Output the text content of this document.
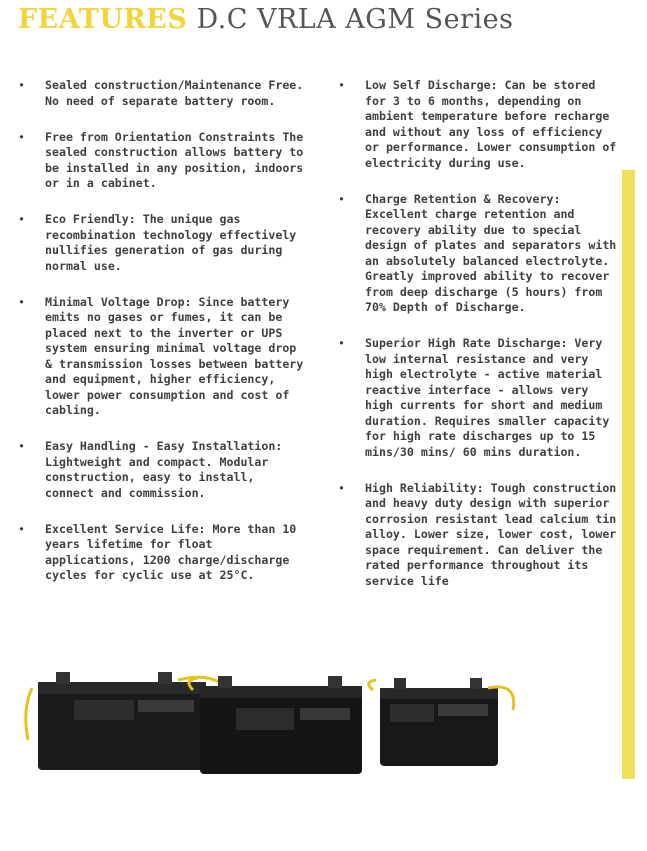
FEATURES D.C VRLA AGM Series
• Sealed construction/Maintenance Free. No need of separate battery room.
• Free from Orientation Constraints The sealed construction allows battery to be installed in any position, indoors or in a cabinet.
• Eco Friendly: The unique gas recombination technology effectively nullifies generation of gas during normal use.
• Minimal Voltage Drop: Since battery emits no gases or fumes, it can be placed next to the inverter or UPS system ensuring minimal voltage drop & transmission losses between battery and equipment, higher efficiency, lower power consumption and cost of cabling.
• Easy Handling - Easy Installation: Lightweight and compact. Modular construction, easy to install, connect and commission.
• Excellent Service Life: More than 10 years lifetime for float applications, 1200 charge/discharge cycles for cyclic use at 25°C.
• Low Self Discharge: Can be stored for 3 to 6 months, depending on ambient temperature before recharge and without any loss of efficiency or performance. Lower consumption of electricity during use.
• Charge Retention & Recovery: Excellent charge retention and recovery ability due to special design of plates and separators with an absolutely balanced electrolyte. Greatly improved ability to recover from deep discharge (5 hours) from 70% Depth of Discharge.
• Superior High Rate Discharge: Very low internal resistance and very high electrolyte - active material reactive interface - allows very high currents for short and medium duration. Requires smaller capacity for high rate discharges up to 15 mins/30 mins/ 60 mins duration.
• High Reliability: Tough construction and heavy duty design with superior corrosion resistant lead calcium tin alloy. Lower size, lower cost, lower space requirement. Can deliver the rated performance throughout its service life
